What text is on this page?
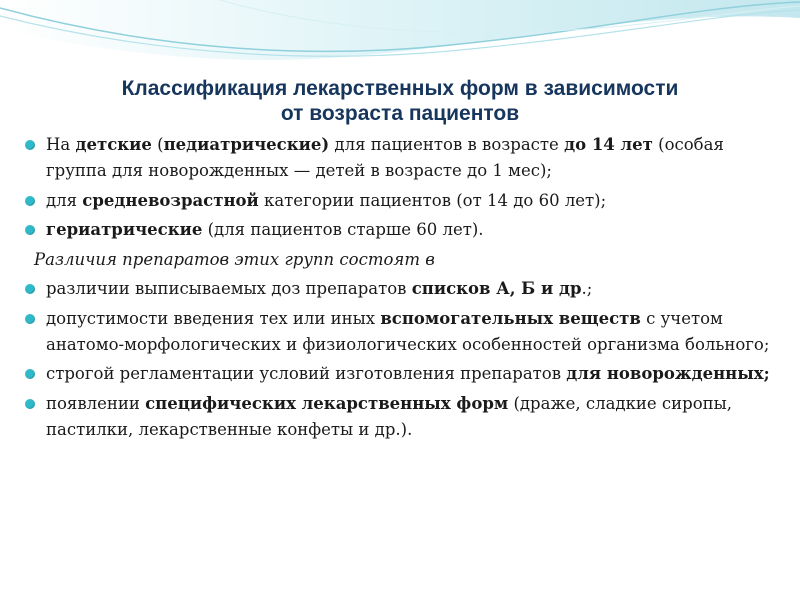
Классификация лекарственных форм в зависимости
от возраста пациентов
На детские (педиатрические) для пациентов в возрасте до 14 лет (особая группа для новорожденных — детей в возрасте до 1 мес);
для средневозрастной категории пациентов (от 14 до 60 лет);
гериатрические (для пациентов старше 60 лет).
Различия препаратов этих групп состоят в
различии выписываемых доз препаратов списков А, Б и др.;
допустимости введения тех или иных вспомогательных веществ с учетом анатомо-морфологических и физиологических особенностей организма больного;
строгой регламентации условий изготовления препаратов для новорожденных;
появлении специфических лекарственных форм (драже, сладкие сиропы, пастилки, лекарственные конфеты и др.).
